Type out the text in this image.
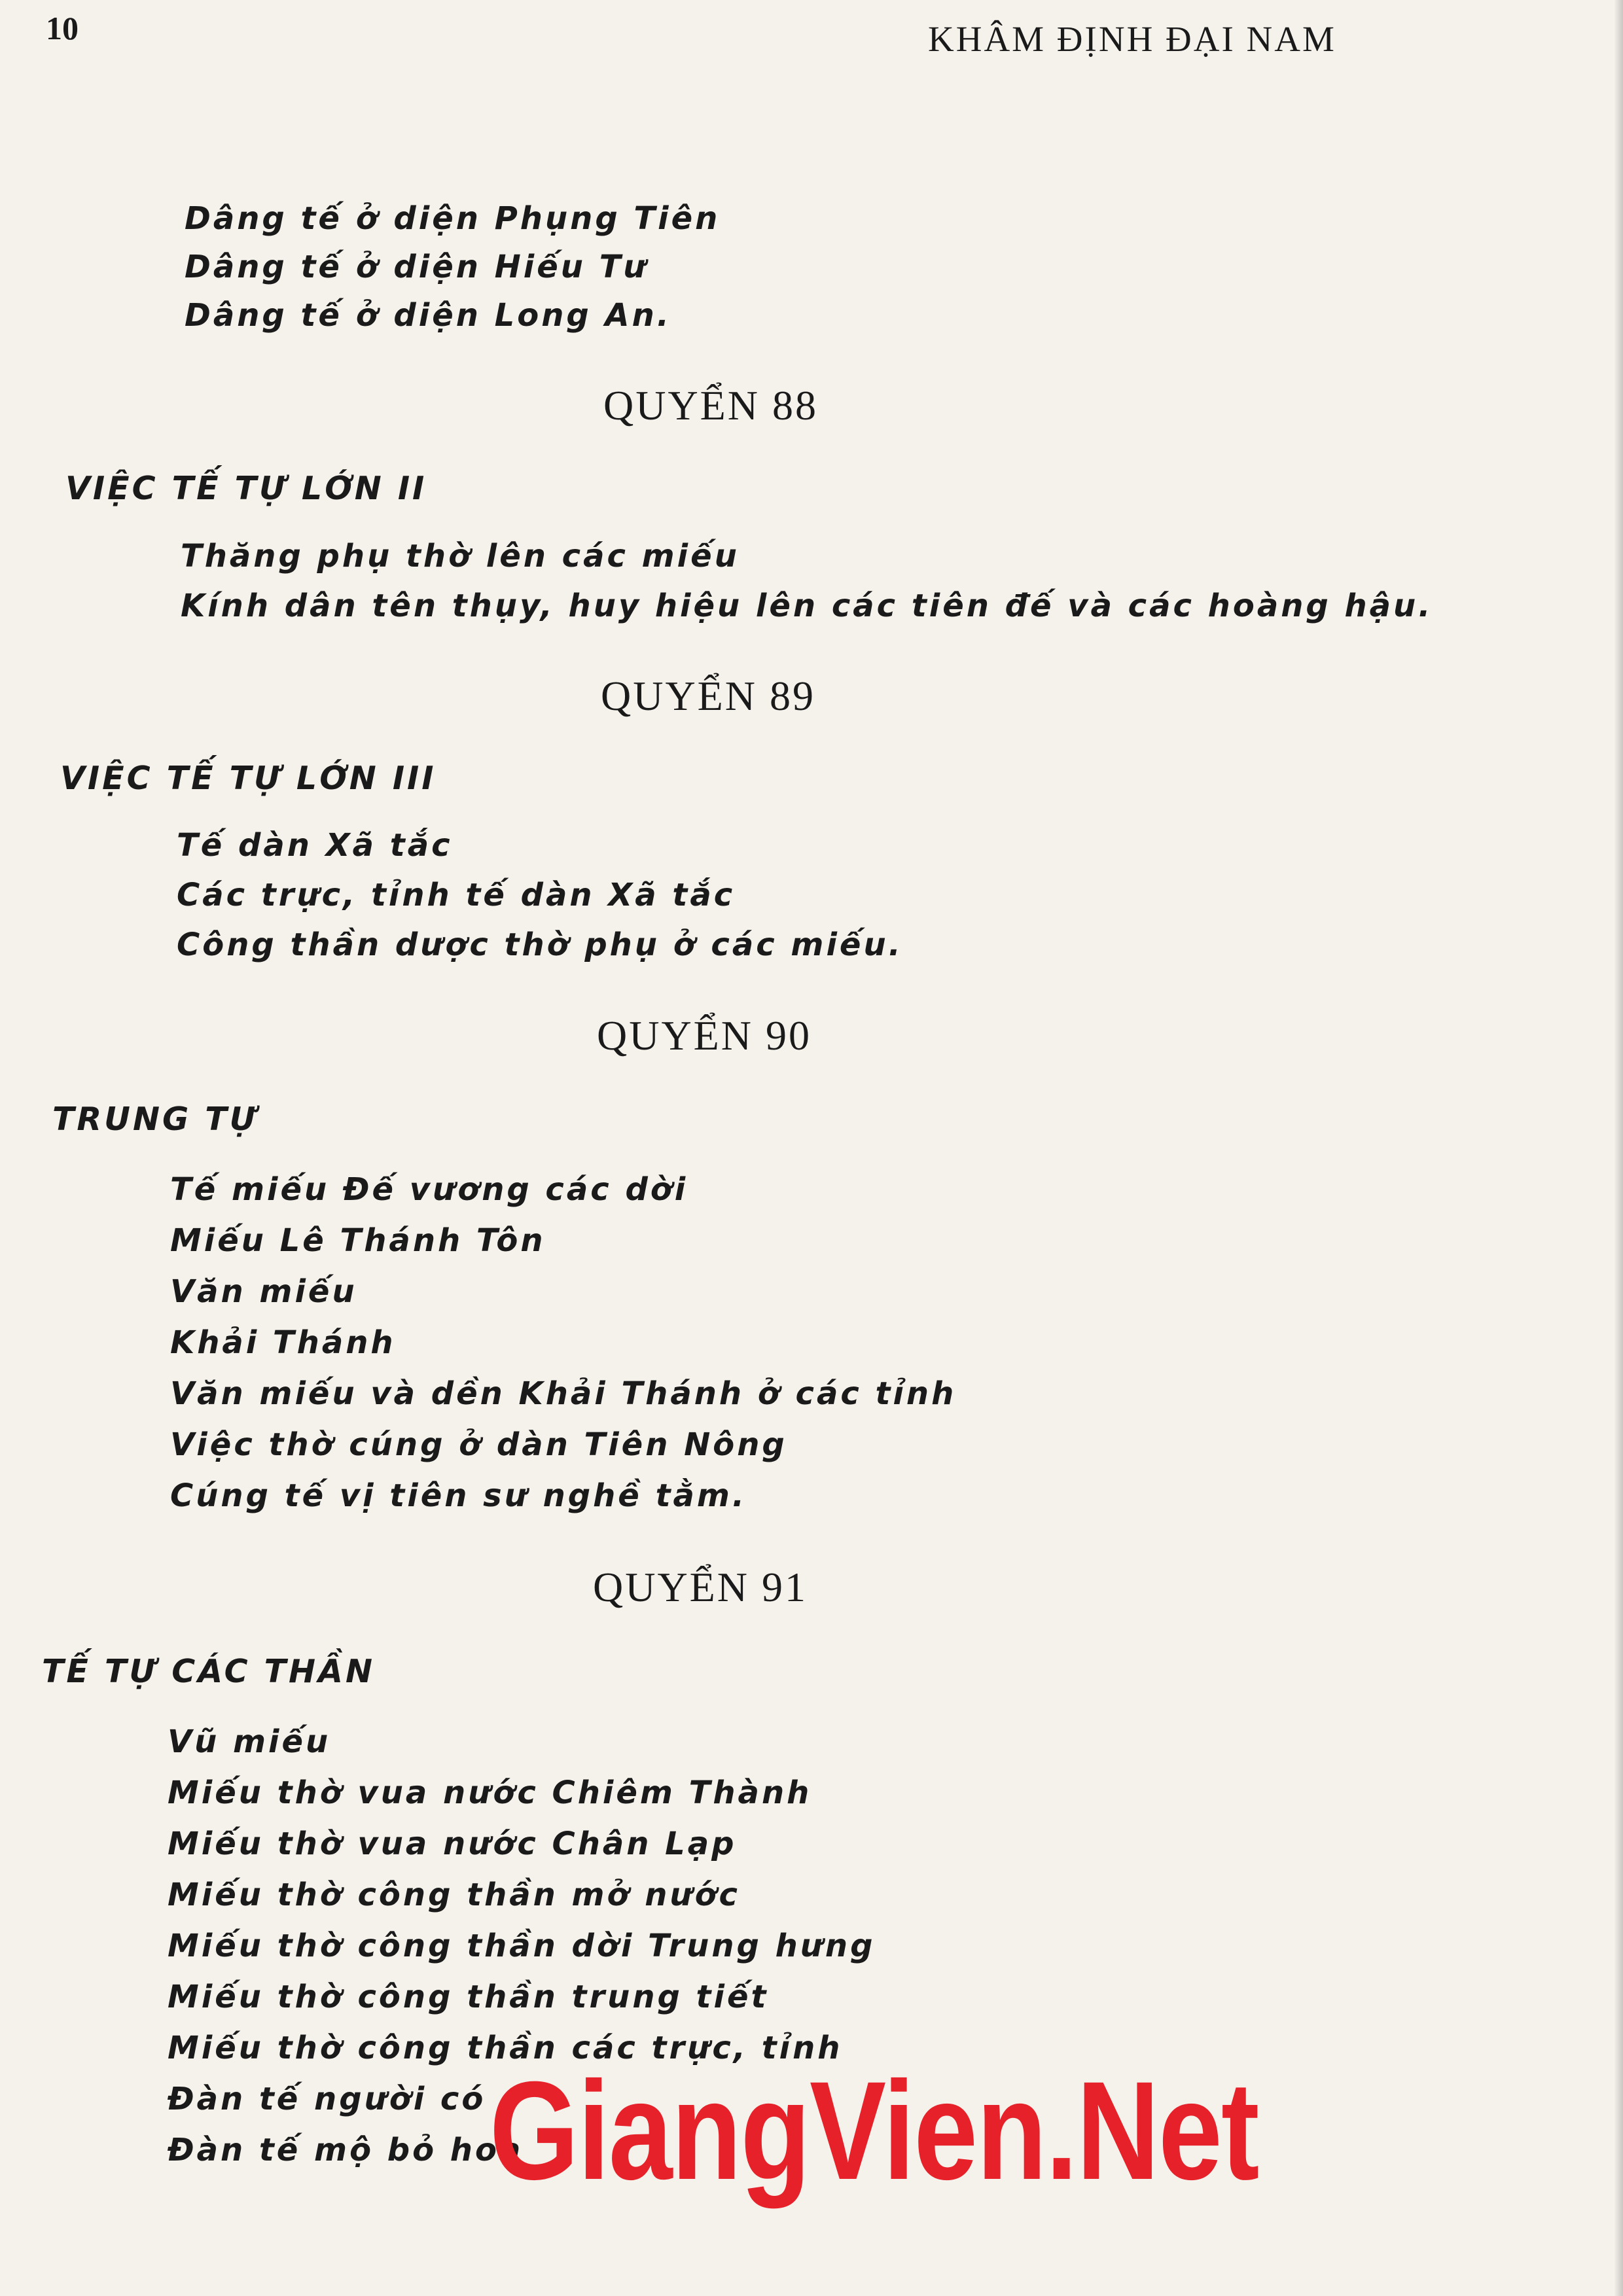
10	KHÂM ĐỊNH ĐẠI NAM
Dâng tế ở diện Phụng Tiên
Dâng tế ở diện Hiếu Tư
Dâng tế ở diện Long An.
QUYỂN 88
VIỆC TẾ TỰ LỚN II
Thăng phụ thờ lên các miếu
Kính dân tên thụy, huy hiệu lên các tiên đế và các hoàng hậu.
QUYỂN 89
VIỆC TẾ TỰ LỚN III
Tế dàn Xã tắc
Các trực, tỉnh tế dàn Xã tắc
Công thần dược thờ phụ ở các miếu.
QUYỂN 90
TRUNG TỰ
Tế miếu Đế vương các dời
Miếu Lê Thánh Tôn
Văn miếu
Khải Thánh
Văn miếu và dền Khải Thánh ở các tỉnh
Việc thờ cúng ở dàn Tiên Nông
Cúng tế vị tiên sư nghề tằm.
QUYỂN 91
TẾ TỰ CÁC THẦN
Vũ miếu
Miếu thờ vua nước Chiêm Thành
Miếu thờ vua nước Chân Lạp
Miếu thờ công thần mở nước
Miếu thờ công thần dời Trung hưng
Miếu thờ công thần trung tiết
Miếu thờ công thần các trực, tỉnh
Đàn tế người có
Đàn tế mộ bỏ hoa
GiangVien.Net
